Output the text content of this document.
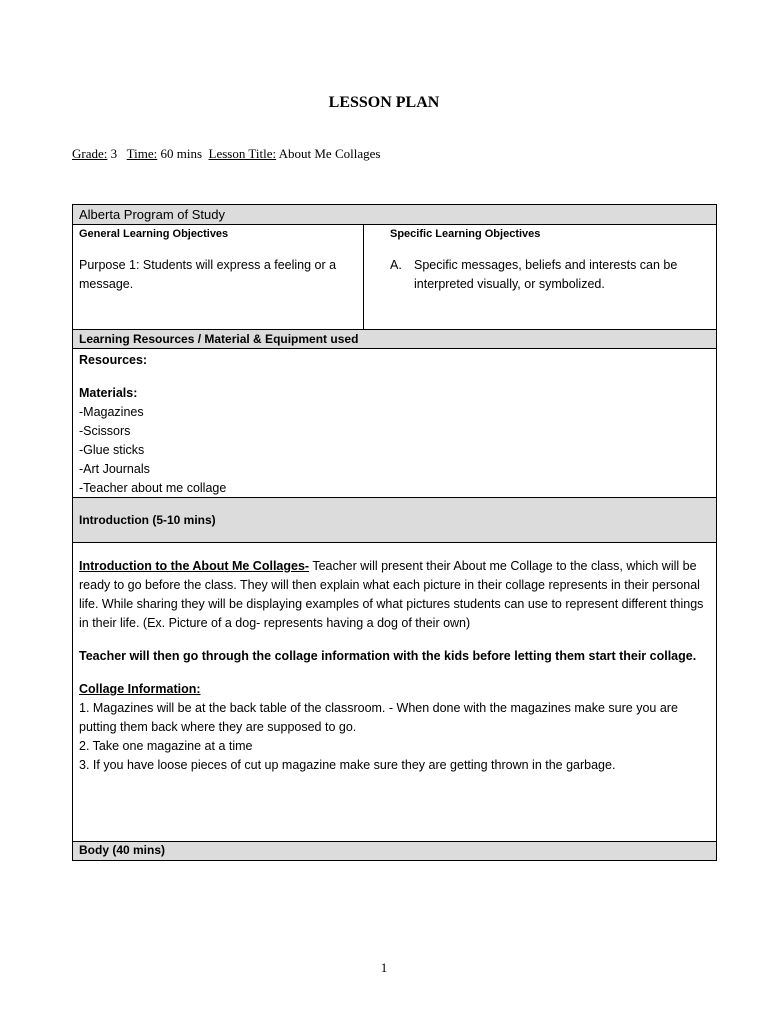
LESSON PLAN
Grade: 3 Time: 60 mins Lesson Title: About Me Collages
Alberta Program of Study
General Learning Objectives
Purpose 1: Students will express a feeling or a message.
Specific Learning Objectives
A. Specific messages, beliefs and interests can be interpreted visually, or symbolized.
Learning Resources / Material & Equipment used
Resources:
Materials:
-Magazines
-Scissors
-Glue sticks
-Art Journals
-Teacher about me collage
Introduction (5-10 mins)
Introduction to the About Me Collages- Teacher will present their About me Collage to the class, which will be ready to go before the class. They will then explain what each picture in their collage represents in their personal life. While sharing they will be displaying examples of what pictures students can use to represent different things in their life. (Ex. Picture of a dog- represents having a dog of their own)
Teacher will then go through the collage information with the kids before letting them start their collage.
Collage Information:
1. Magazines will be at the back table of the classroom. - When done with the magazines make sure you are putting them back where they are supposed to go.
2. Take one magazine at a time
3. If you have loose pieces of cut up magazine make sure they are getting thrown in the garbage.
Body (40 mins)
1
